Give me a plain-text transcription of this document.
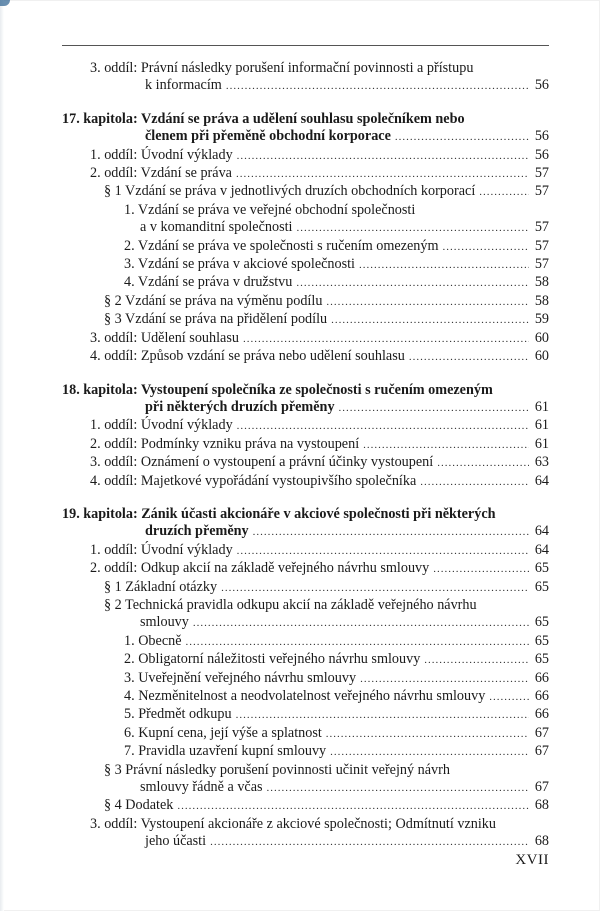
3. oddíl: Právní následky porušení informační povinnosti a přístupu
k informacím .....	56
17. kapitola: Vzdání se práva a udělení souhlasu společníkem nebo
členem při přeměně obchodní korporace .....	56
1. oddíl: Úvodní výklady .....	56
2. oddíl: Vzdání se práva .....	57
§ 1 Vzdání se práva v jednotlivých druzích obchodních korporací .....	57
1. Vzdání se práva ve veřejné obchodní společnosti
a v komanditní společnosti .....	57
2. Vzdání se práva ve společnosti s ručením omezeným .....	57
3. Vzdání se práva v akciové společnosti .....	57
4. Vzdání se práva v družstvu .....	58
§ 2 Vzdání se práva na výměnu podílu .....	58
§ 3 Vzdání se práva na přidělení podílu .....	59
3. oddíl: Udělení souhlasu .....	60
4. oddíl: Způsob vzdání se práva nebo udělení souhlasu .....	60
18. kapitola: Vystoupení společníka ze společnosti s ručením omezeným
při některých druzích přeměny .....	61
1. oddíl: Úvodní výklady .....	61
2. oddíl: Podmínky vzniku práva na vystoupení .....	61
3. oddíl: Oznámení o vystoupení a právní účinky vystoupení .....	63
4. oddíl: Majetkové vypořádání vystoupivšího společníka .....	64
19. kapitola: Zánik účasti akcionáře v akciové společnosti při některých
druzích přeměny .....	64
1. oddíl: Úvodní výklady .....	64
2. oddíl: Odkup akcií na základě veřejného návrhu smlouvy .....	65
§ 1 Základní otázky .....	65
§ 2 Technická pravidla odkupu akcií na základě veřejného návrhu
smlouvy .....	65
1. Obecně .....	65
2. Obligatorní náležitosti veřejného návrhu smlouvy .....	65
3. Uveřejnění veřejného návrhu smlouvy .....	66
4. Nezměnitelnost a neodvolatelnost veřejného návrhu smlouvy .....	66
5. Předmět odkupu .....	66
6. Kupní cena, její výše a splatnost .....	67
7. Pravidla uzavření kupní smlouvy .....	67
§ 3 Právní následky porušení povinnosti učinit veřejný návrh
smlouvy řádně a včas .....	67
§ 4 Dodatek .....	68
3. oddíl: Vystoupení akcionáře z akciové společnosti; Odmítnutí vzniku
jeho účasti .....	68
XVII
